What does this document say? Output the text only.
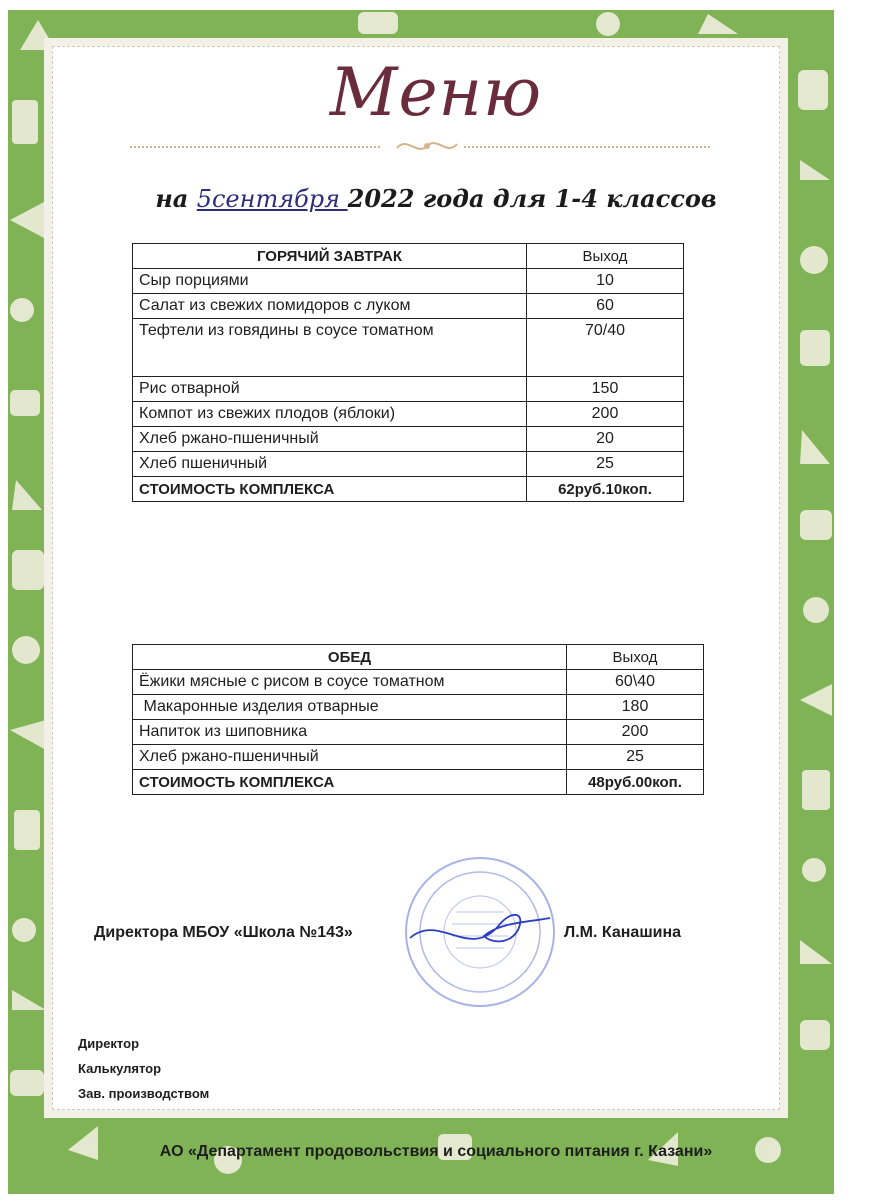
Меню
на 5сентября 2022 года для 1-4 классов
ГОРЯЧИЙ ЗАВТРАК	Выход
Сыр порциями	10
Салат из свежих помидоров с луком	60
Тефтели из говядины в соусе томатном	70/40
Рис отварной	150
Компот из свежих плодов (яблоки)	200
Хлеб ржано-пшеничный	20
Хлеб пшеничный	25
СТОИМОСТЬ КОМПЛЕКСА	62руб.10коп.
ОБЕД	Выход
Ёжики мясные с рисом в соусе томатном	60\40
Макаронные изделия отварные	180
Напиток из шиповника	200
Хлеб ржано-пшеничный	25
СТОИМОСТЬ КОМПЛЕКСА	48руб.00коп.
Директора МБОУ «Школа №143»	Л.М. Канашина
Директор
Калькулятор
Зав. производством
АО «Департамент продовольствия и социального питания г. Казани»
